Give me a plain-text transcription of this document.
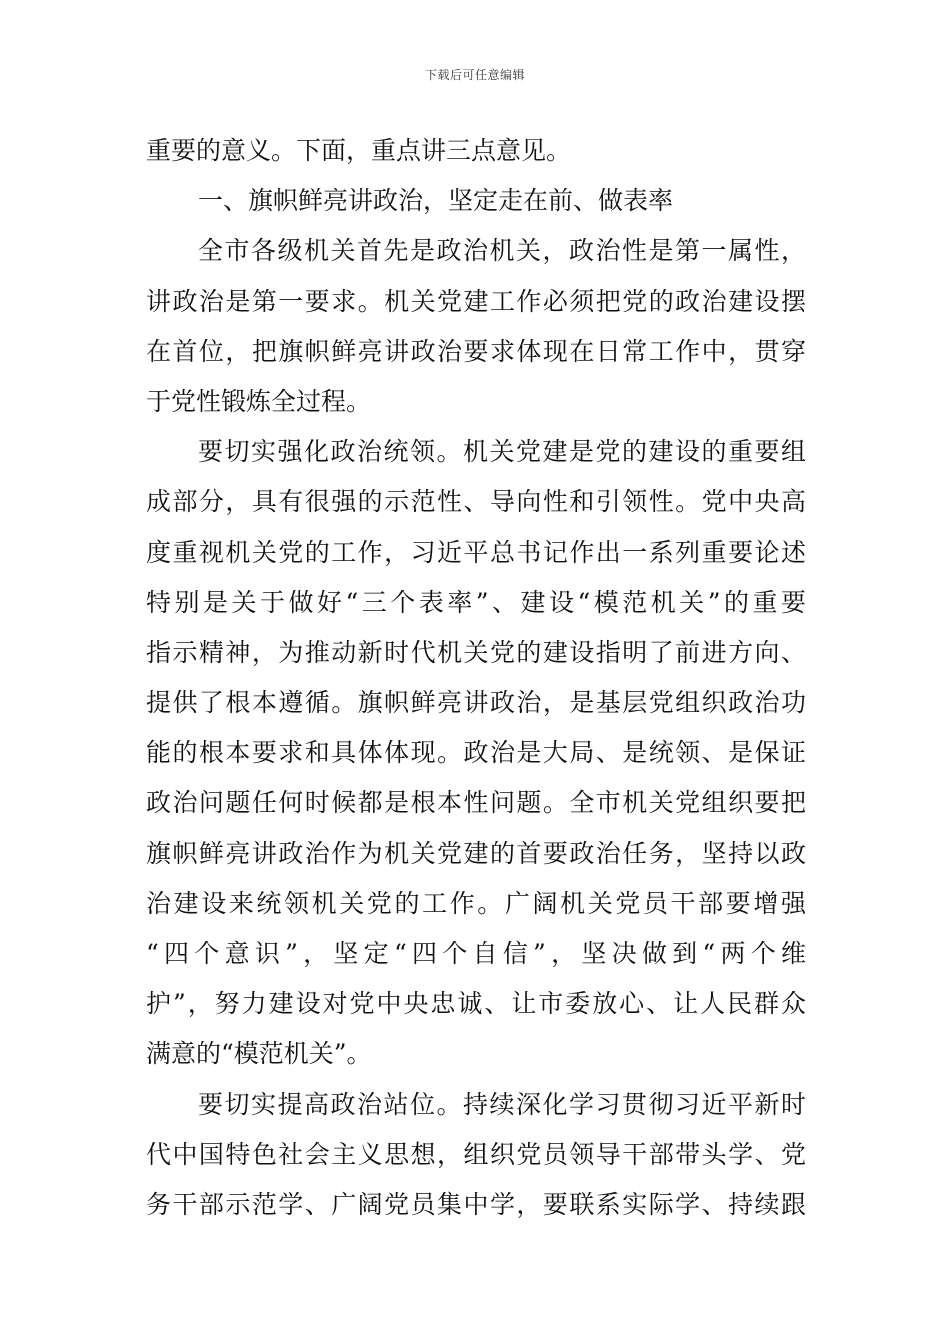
下载后可任意编辑
重要的意义。下面，重点讲三点意见。
一、旗帜鲜亮讲政治，坚定走在前、做表率
全市各级机关首先是政治机关，政治性是第一属性，
讲政治是第一要求。机关党建工作必须把党的政治建设摆
在首位，把旗帜鲜亮讲政治要求体现在日常工作中，贯穿
于党性锻炼全过程。
要切实强化政治统领。机关党建是党的建设的重要组
成部分，具有很强的示范性、导向性和引领性。党中央高
度重视机关党的工作，习近平总书记作出一系列重要论述
特别是关于做好“三个表率”、建设“模范机关”的重要
指示精神，为推动新时代机关党的建设指明了前进方向、
提供了根本遵循。旗帜鲜亮讲政治，是基层党组织政治功
能的根本要求和具体体现。政治是大局、是统领、是保证
政治问题任何时候都是根本性问题。全市机关党组织要把
旗帜鲜亮讲政治作为机关党建的首要政治任务，坚持以政
治建设来统领机关党的工作。广阔机关党员干部要增强
“四个意识”，坚定“四个自信”，坚决做到“两个维
护”，努力建设对党中央忠诚、让市委放心、让人民群众
满意的“模范机关”。
要切实提高政治站位。持续深化学习贯彻习近平新时
代中国特色社会主义思想，组织党员领导干部带头学、党
务干部示范学、广阔党员集中学，要联系实际学、持续跟
